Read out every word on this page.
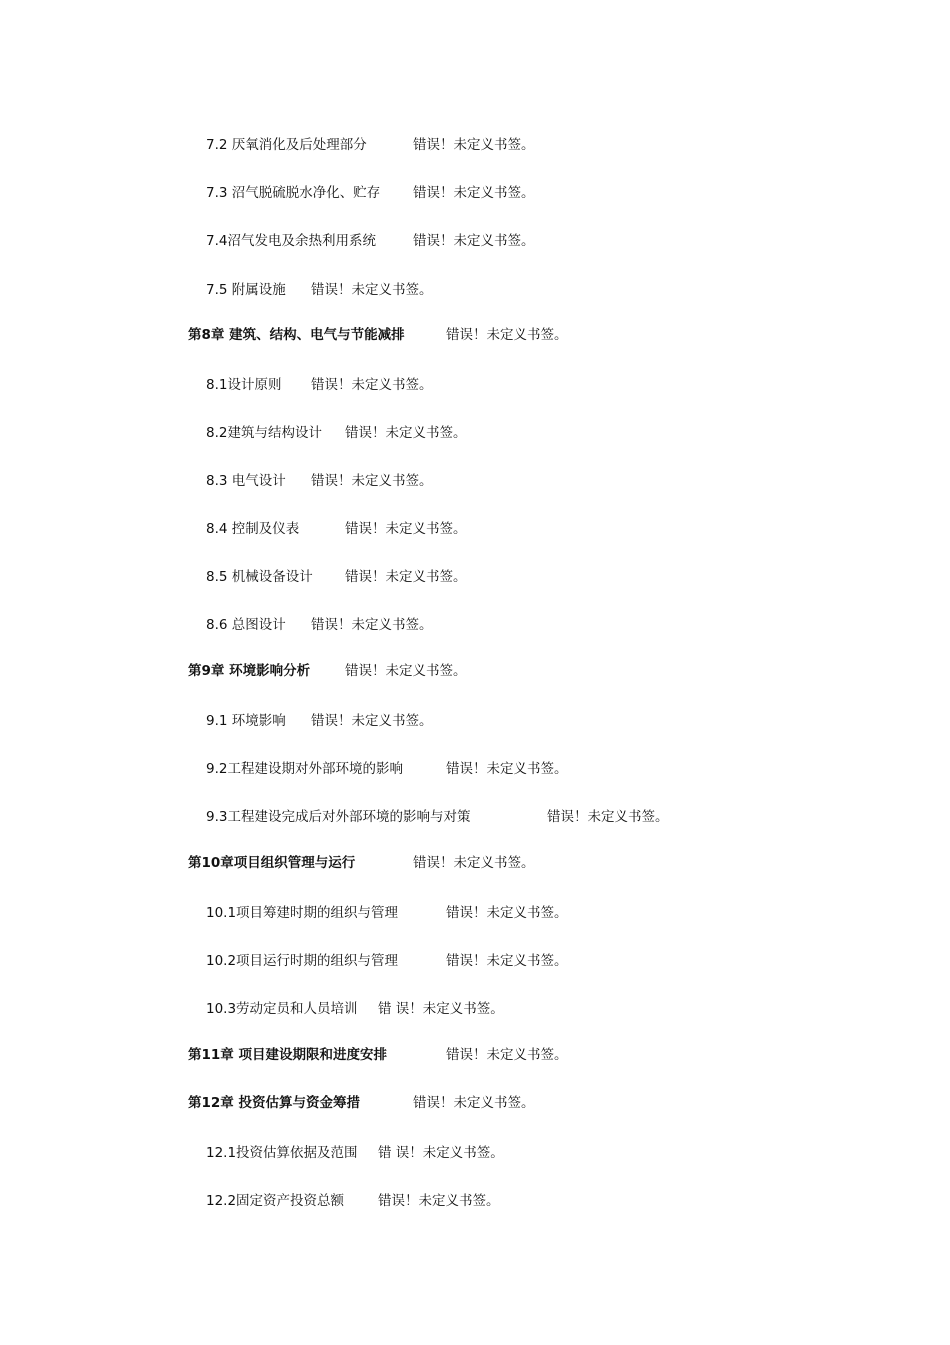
7.2 厌氧消化及后处理部分	错误！未定义书签。
7.3 沼气脱硫脱水净化、贮存 错误！未定义书签。
7.4沼气发电及余热利用系统	错误！未定义书签。
7.5 附属设施 错误！未定义书签。
第8章 建筑、结构、电气与节能减排	错误！未定义书签。
8.1设计原则 错误！未定义书签。
8.2建筑与结构设计 错误！未定义书签。
8.3 电气设计 错误！未定义书签。
8.4 控制及仪表	错误！未定义书签。
8.5 机械设备设计 错误！未定义书签。
8.6 总图设计 错误！未定义书签。
第9章 环境影响分析	错误！未定义书签。
9.1 环境影响 错误！未定义书签。
9.2工程建设期对外部环境的影响	错误！未定义书签。
9.3工程建设完成后对外部环境的影响与对策	错误！未定义书签。
第10章项目组织管理与运行	错误！未定义书签。
10.1项目筹建时期的组织与管理	错误！未定义书签。
10.2项目运行时期的组织与管理	错误！未定义书签。
10.3劳动定员和人员培训 错 误！未定义书签。
第11章 项目建设期限和进度安排	错误！未定义书签。
第12章 投资估算与资金筹措	错误！未定义书签。
12.1投资估算依据及范围 错 误！未定义书签。
12.2固定资产投资总额	错误！未定义书签。
